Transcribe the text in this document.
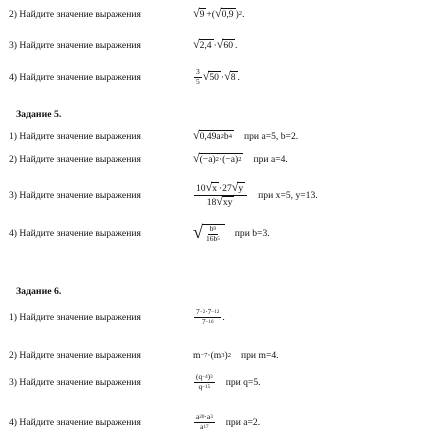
2) Найдите значение выражения	√ 9 +( √ 0,9 ) 2 .
3) Найдите значение выражения	√ 2,4 · √ 60 .
4) Найдите значение выражения	$\frac{3}{5}$ √ 50 · √ 8 .
Задание 5.
1) Найдите значение выражения	√ 0,49a 2 b 4 при a=5, b=2.
2) Найдите значение выражения	√ (−a) 2 ·(−a) 2 при a=4.
3) Найдите значение выражения	$\frac{10 √ x \cdot 27 √ y}{18 √ xy}$ при x=5, y=13.
4) Найдите значение выражения	√ $\frac{b 9}{16b 5}$ при b=3.
Задание 6.
1) Найдите значение выражения	$\frac{7 -2 \cdot 7 -12}{7 -16}$ .
2) Найдите значение выражения	m −7 ·(m 3 ) 2 при m=4.
3) Найдите значение выражения	$\frac{(q -4 ) 3}{q -15}$ при q=5.
4) Найдите значение выражения	$\frac{a 20 \cdot a 3}{a 17}$ при a=2.
